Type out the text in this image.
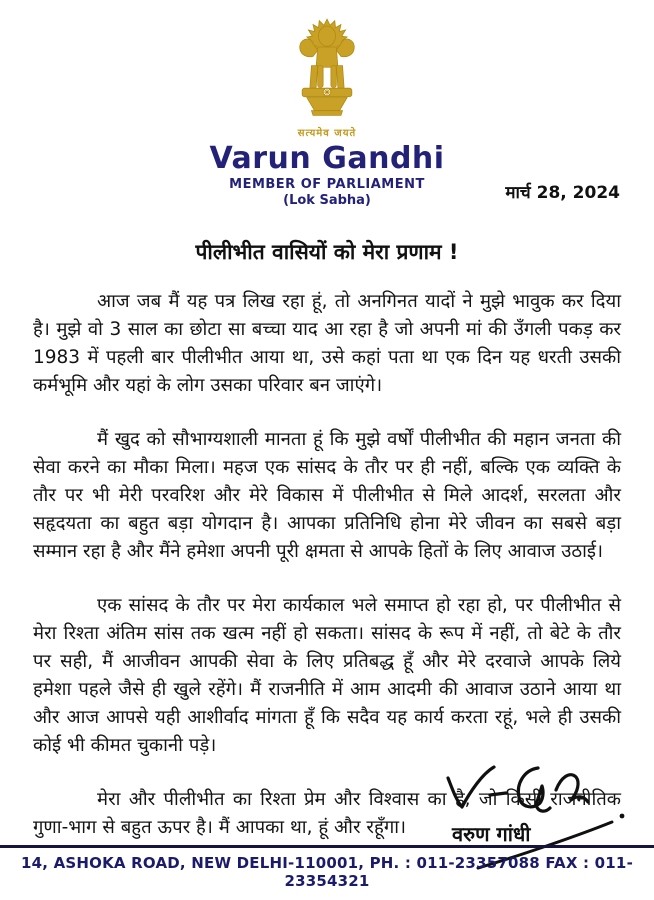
सत्यमेव जयते
Varun Gandhi
MEMBER OF PARLIAMENT
(Lok Sabha)	मार्च 28, 2024
पीलीभीत वासियों को मेरा प्रणाम !

आज जब मैं यह पत्र लिख रहा हूं, तो अनगिनत यादों ने मुझे भावुक कर दिया है। मुझे वो 3 साल का छोटा सा बच्चा याद आ रहा है जो अपनी मां की उँगली पकड़ कर 1983 में पहली बार पीलीभीत आया था, उसे कहां पता था एक दिन यह धरती उसकी कर्मभूमि और यहां के लोग उसका परिवार बन जाएंगे।

मैं खुद को सौभाग्यशाली मानता हूं कि मुझे वर्षों पीलीभीत की महान जनता की सेवा करने का मौका मिला। महज एक सांसद के तौर पर ही नहीं, बल्कि एक व्यक्ति के तौर पर भी मेरी परवरिश और मेरे विकास में पीलीभीत से मिले आदर्श, सरलता और सहृदयता का बहुत बड़ा योगदान है। आपका प्रतिनिधि होना मेरे जीवन का सबसे बड़ा सम्मान रहा है और मैंने हमेशा अपनी पूरी क्षमता से आपके हितों के लिए आवाज उठाई।

एक सांसद के तौर पर मेरा कार्यकाल भले समाप्त हो रहा हो, पर पीलीभीत से मेरा रिश्ता अंतिम सांस तक खत्म नहीं हो सकता। सांसद के रूप में नहीं, तो बेटे के तौर पर सही, मैं आजीवन आपकी सेवा के लिए प्रतिबद्ध हूँ और मेरे दरवाजे आपके लिये हमेशा पहले जैसे ही खुले रहेंगे। मैं राजनीति में आम आदमी की आवाज उठाने आया था और आज आपसे यही आशीर्वाद मांगता हूँ कि सदैव यह कार्य करता रहूं, भले ही उसकी कोई भी कीमत चुकानी पड़े।

मेरा और पीलीभीत का रिश्ता प्रेम और विश्वास का है, जो किसी राजनीतिक गुणा-भाग से बहुत ऊपर है। मैं आपका था, हूं और रहूँगा।	वरुण गांधी
14, ASHOKA ROAD, NEW DELHI-110001, PH. : 011-23357088 FAX : 011-23354321
